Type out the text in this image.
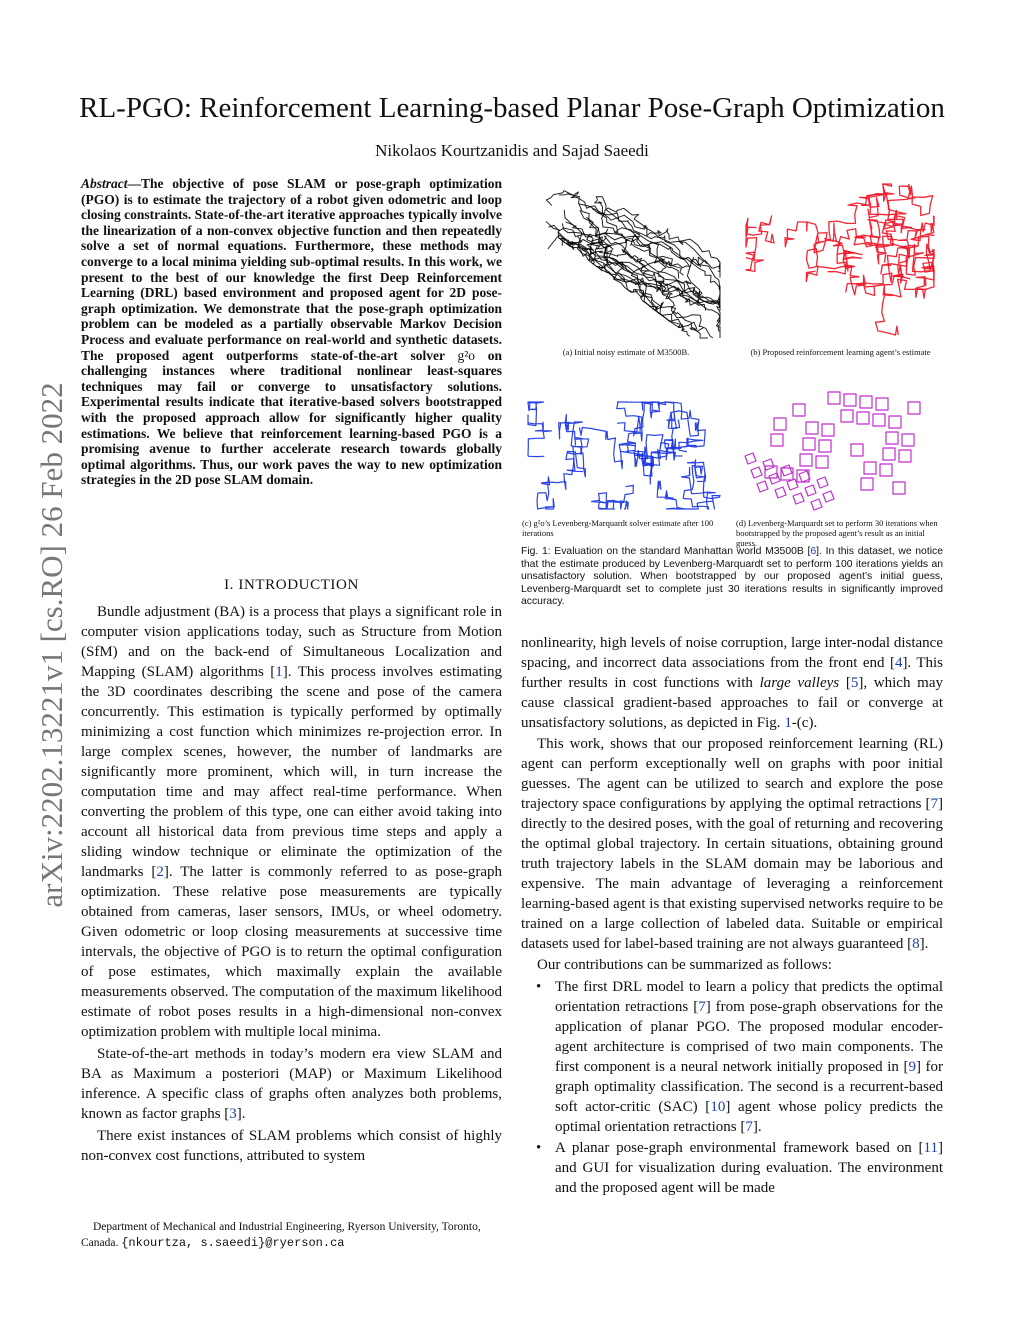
arXiv:2202.13221v1 [cs.RO] 26 Feb 2022
RL-PGO: Reinforcement Learning-based Planar Pose-Graph Optimization
Nikolaos Kourtzanidis and Sajad Saeedi

Abstract—The objective of pose SLAM or pose-graph optimization (PGO) is to estimate the trajectory of a robot given odometric and loop closing constraints. State-of-the-art iterative approaches typically involve the linearization of a non-convex objective function and then repeatedly solve a set of normal equations. Furthermore, these methods may converge to a local minima yielding sub-optimal results. In this work, we present to the best of our knowledge the first Deep Reinforcement Learning (DRL) based environment and proposed agent for 2D pose-graph optimization. We demonstrate that the pose-graph optimization problem can be modeled as a partially observable Markov Decision Process and evaluate performance on real-world and synthetic datasets. The proposed agent outperforms state-of-the-art solver g²o on challenging instances where traditional nonlinear least-squares techniques may fail or converge to unsatisfactory solutions. Experimental results indicate that iterative-based solvers bootstrapped with the proposed approach allow for significantly higher quality estimations. We believe that reinforcement learning-based PGO is a promising avenue to further accelerate research towards globally optimal algorithms. Thus, our work paves the way to new optimization strategies in the 2D pose SLAM domain.

I. INTRODUCTION

Bundle adjustment (BA) is a process that plays a significant role in computer vision applications today, such as Structure from Motion (SfM) and on the back-end of Simultaneous Localization and Mapping (SLAM) algorithms [1]. This process involves estimating the 3D coordinates describing the scene and pose of the camera concurrently. This estimation is typically performed by optimally minimizing a cost function which minimizes re-projection error. In large complex scenes, however, the number of landmarks are significantly more prominent, which will, in turn increase the computation time and may affect real-time performance. When converting the problem of this type, one can either avoid taking into account all historical data from previous time steps and apply a sliding window technique or eliminate the optimization of the landmarks [2]. The latter is commonly referred to as pose-graph optimization. These relative pose measurements are typically obtained from cameras, laser sensors, IMUs, or wheel odometry. Given odometric or loop closing measurements at successive time intervals, the objective of PGO is to return the optimal configuration of pose estimates, which maximally explain the available measurements observed. The computation of the maximum likelihood estimate of robot poses results in a high-dimensional non-convex optimization problem with multiple local minima.

State-of-the-art methods in today’s modern era view SLAM and BA as Maximum a posteriori (MAP) or Maximum Likelihood inference. A specific class of graphs often analyzes both problems, known as factor graphs [3].

There exist instances of SLAM problems which consist of highly non-convex cost functions, attributed to system

Department of Mechanical and Industrial Engineering, Ryerson University, Toronto, Canada. {nkourtza, s.saeedi}@ryerson.ca
(a) Initial noisy estimate of M3500B.	(b) Proposed reinforcement learning agent’s estimate
(c) g²o’s Levenberg-Marquardt solver estimate after 100 iterations
(d) Levenberg-Marquardt set to perform 30 iterations when bootstrapped by the proposed agent’s result as an initial guess.
Fig. 1: Evaluation on the standard Manhattan world M3500B [6]. In this dataset, we notice that the estimate produced by Levenberg-Marquardt set to perform 100 iterations yields an unsatisfactory solution. When bootstrapped by our proposed agent’s initial guess, Levenberg-Marquardt set to complete just 30 iterations results in significantly improved accuracy.

nonlinearity, high levels of noise corruption, large inter-nodal distance spacing, and incorrect data associations from the front end [4]. This further results in cost functions with large valleys [5], which may cause classical gradient-based approaches to fail or converge at unsatisfactory solutions, as depicted in Fig. 1-(c).

This work, shows that our proposed reinforcement learning (RL) agent can perform exceptionally well on graphs with poor initial guesses. The agent can be utilized to search and explore the pose trajectory space configurations by applying the optimal retractions [7] directly to the desired poses, with the goal of returning and recovering the optimal global trajectory. In certain situations, obtaining ground truth trajectory labels in the SLAM domain may be laborious and expensive. The main advantage of leveraging a reinforcement learning-based agent is that existing supervised networks require to be trained on a large collection of labeled data. Suitable or empirical datasets used for label-based training are not always guaranteed [8].

Our contributions can be summarized as follows:

• The first DRL model to learn a policy that predicts the optimal orientation retractions [7] from pose-graph observations for the application of planar PGO. The proposed modular encoder-agent architecture is comprised of two main components. The first component is a neural network initially proposed in [9] for graph optimality classification. The second is a recurrent-based soft actor-critic (SAC) [10] agent whose policy predicts the optimal orientation retractions [7].
• A planar pose-graph environmental framework based on [11] and GUI for visualization during evaluation. The environment and the proposed agent will be made
